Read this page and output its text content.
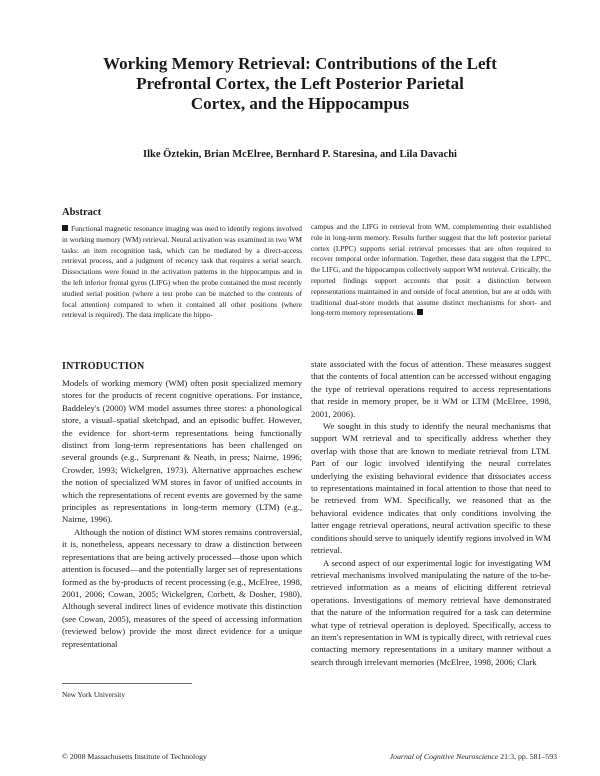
Working Memory Retrieval: Contributions of the Left
Prefrontal Cortex, the Left Posterior Parietal
Cortex, and the Hippocampus
Ilke Öztekin, Brian McElree, Bernhard P. Staresina, and Lila Davachi
Abstract

Functional magnetic resonance imaging was used to identify regions involved in working memory (WM) retrieval. Neural activation was examined in two WM tasks: an item recognition task, which can be mediated by a direct-access retrieval process, and a judgment of recency task that requires a serial search. Dissociations were found in the activation patterns in the hippocampus and in the left inferior frontal gyrus (LIFG) when the probe contained the most recently studied serial position (where a test probe can be matched to the contents of focal attention) compared to when it contained all other positions (where retrieval is required). The data implicate the hippo-

campus and the LIFG in retrieval from WM, complementing their established role in long-term memory. Results further suggest that the left posterior parietal cortex (LPPC) supports serial retrieval processes that are often required to recover temporal order information. Together, these data suggest that the LPPC, the LIFG, and the hippocampus collectively support WM retrieval. Critically, the reported findings support accounts that posit a distinction between representations maintained in and outside of focal attention, but are at odds with traditional dual-store models that assume distinct mechanisms for short- and long-term memory representations.

INTRODUCTION

Models of working memory (WM) often posit specialized memory stores for the products of recent cognitive operations. For instance, Baddeley's (2000) WM model assumes three stores: a phonological store, a visual–spatial sketchpad, and an episodic buffer. However, the evidence for short-term representations being functionally distinct from long-term representations has been challenged on several grounds (e.g., Surprenant & Neath, in press; Nairne, 1996; Crowder, 1993; Wickelgren, 1973). Alternative approaches eschew the notion of specialized WM stores in favor of unified accounts in which the representations of recent events are governed by the same principles as representations in long-term memory (LTM) (e.g., Nairne, 1996).

Although the notion of distinct WM stores remains controversial, it is, nonetheless, appears necessary to draw a distinction between representations that are being actively processed—those upon which attention is focused—and the potentially larger set of representations formed as the by-products of recent processing (e.g., McElree, 1998, 2001, 2006; Cowan, 2005; Wickelgren, Corbett, & Dosher, 1980). Although several indirect lines of evidence motivate this distinction (see Cowan, 2005), measures of the speed of accessing information (reviewed below) provide the most direct evidence for a unique representational

state associated with the focus of attention. These measures suggest that the contents of focal attention can be accessed without engaging the type of retrieval operations required to access representations that reside in memory proper, be it WM or LTM (McElree, 1998, 2001, 2006).

We sought in this study to identify the neural mechanisms that support WM retrieval and to specifically address whether they overlap with those that are known to mediate retrieval from LTM. Part of our logic involved identifying the neural correlates underlying the existing behavioral evidence that dissociates access to representations maintained in focal attention to those that need to be retrieved from WM. Specifically, we reasoned that as the behavioral evidence indicates that only conditions involving the latter engage retrieval operations, neural activation specific to these conditions should serve to uniquely identify regions involved in WM retrieval.

A second aspect of our experimental logic for investigating WM retrieval mechanisms involved manipulating the nature of the to-be-retrieved information as a means of eliciting different retrieval operations. Investigations of memory retrieval have demonstrated that the nature of the information required for a task can determine what type of retrieval operation is deployed. Specifically, access to an item's representation in WM is typically direct, with retrieval cues contacting memory representations in a unitary manner without a search through irrelevant memories (McElree, 1998, 2006; Clark

New York University
© 2008 Massachusetts Institute of Technology	Journal of Cognitive Neuroscience 21:3, pp. 581–593
